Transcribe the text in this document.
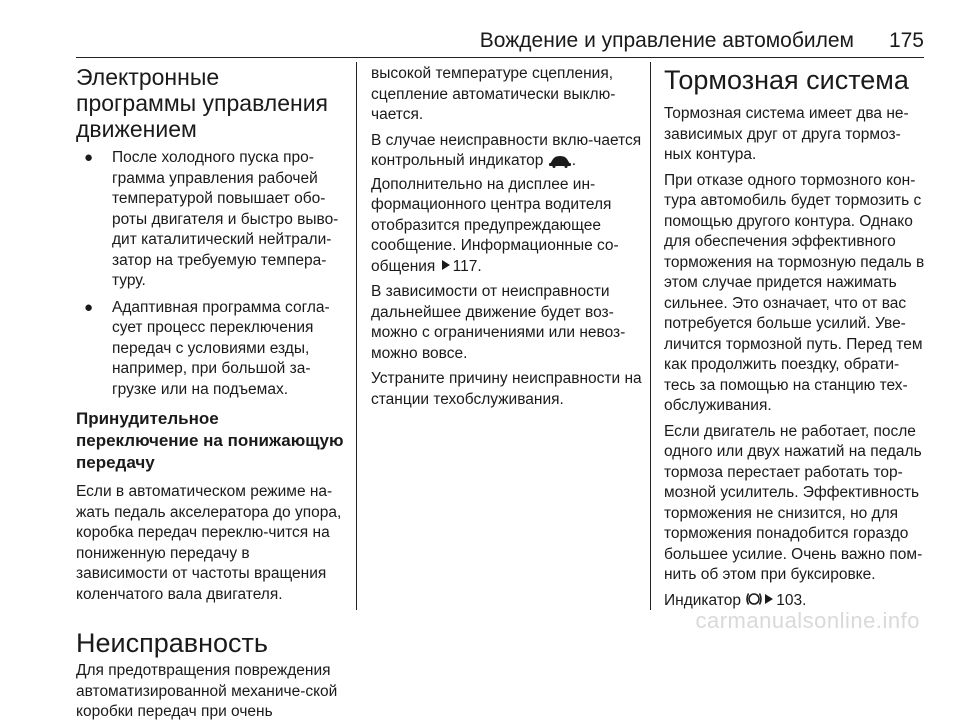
Вождение и управление автомобилем 175
Электронные программы управления движением
● После холодного пуска про-грамма управления рабочей температурой повышает обо-роты двигателя и быстро выво-дит каталитический нейтрали-затор на требуемую темпера-туру.
● Адаптивная программа согла-сует процесс переключения передач с условиями езды, например, при большой за-грузке или на подъемах.
Принудительное переключение на понижающую передачу

Если в автоматическом режиме на-жать педаль акселератора до упора, коробка передач переклю-чится на пониженную передачу в зависимости от частоты вращения коленчатого вала двигателя.

Неисправность

Для предотвращения повреждения автоматизированной механиче-ской коробки передач при очень

высокой температуре сцепления, сцепление автоматически выклю-чается.

В случае неисправности вклю-чается контрольный индикатор . Дополнительно на дисплее ин-формационного центра водителя отобразится предупреждающее сообщение. Информационные со-общения 117.

В зависимости от неисправности дальнейшее движение будет воз-можно с ограничениями или невоз-можно вовсе.

Устраните причину неисправности на станции техобслуживания.

Тормозная система

Тормозная система имеет два не-зависимых друг от друга тормоз-ных контура.

При отказе одного тормозного кон-тура автомобиль будет тормозить с помощью другого контура. Однако для обеспечения эффективного торможения на тормозную педаль в этом случае придется нажимать сильнее. Это означает, что от вас потребуется больше усилий. Уве-личится тормозной путь. Перед тем как продолжить поездку, обрати-тесь за помощью на станцию тех-обслуживания.

Если двигатель не работает, после одного или двух нажатий на педаль тормоза перестает работать тор-мозной усилитель. Эффективность торможения не снизится, но для торможения понадобится гораздо большее усилие. Очень важно пом-нить об этом при буксировке.

Индикатор 103.

carmanualsonline.info
